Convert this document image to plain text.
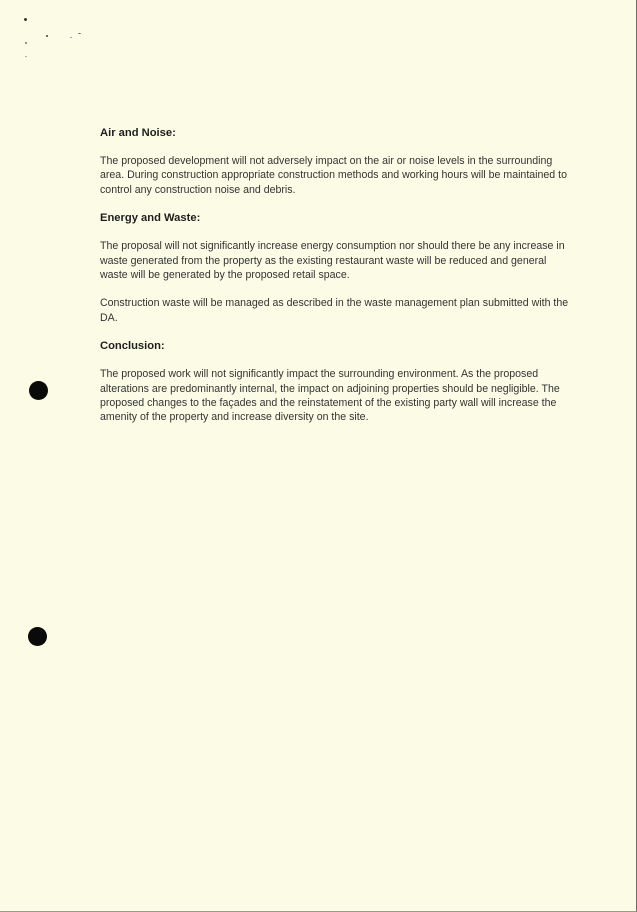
Air and Noise:

The proposed development will not adversely impact on the air or noise levels in the surrounding area. During construction appropriate construction methods and working hours will be maintained to control any construction noise and debris.

Energy and Waste:

The proposal will not significantly increase energy consumption nor should there be any increase in waste generated from the property as the existing restaurant waste will be reduced and general waste will be generated by the proposed retail space.

Construction waste will be managed as described in the waste management plan submitted with the DA.

Conclusion:

The proposed work will not significantly impact the surrounding environment. As the proposed alterations are predominantly internal, the impact on adjoining properties should be negligible. The proposed changes to the façades and the reinstatement of the existing party wall will increase the amenity of the property and increase diversity on the site.
